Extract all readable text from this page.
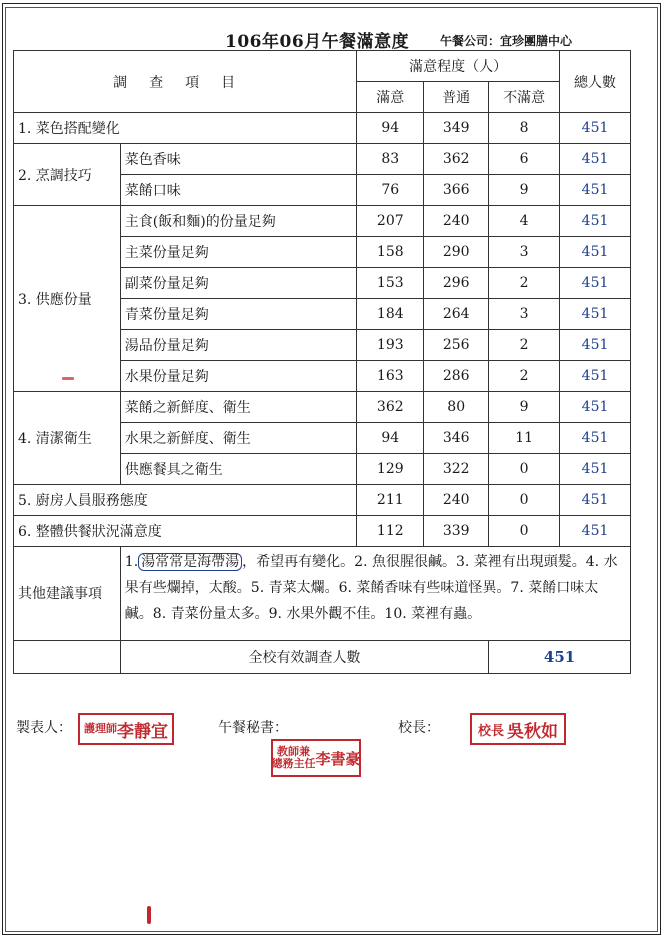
106年06月午餐滿意度	午餐公司：宜珍團膳中心
調查項目		滿意程度（人）			總人數
		滿意	普通	不滿意	
1. 菜色搭配變化		94	349	8	451
2. 烹調技巧	菜色香味	83	362	6	451
	菜餚口味	76	366	9	451
3. 供應份量	主食(飯和麵)的份量足夠	207	240	4	451
	主菜份量足夠	158	290	3	451
	副菜份量足夠	153	296	2	451
	青菜份量足夠	184	264	3	451
	湯品份量足夠	193	256	2	451
	水果份量足夠	163	286	2	451
4. 清潔衛生	菜餚之新鮮度、衛生	362	80	9	451
	水果之新鮮度、衛生	94	346	11	451
	供應餐具之衛生	129	322	0	451
5. 廚房人員服務態度		211	240	0	451
6. 整體供餐狀況滿意度		112	339	0	451
其他建議事項	1. 湯常常是海帶湯 ，希望再有變化。2. 魚很腥很鹹。3. 菜裡有出現頭髮。4. 水果有些爛掉，太酸。5. 青菜太爛。6. 菜餚香味有些味道怪異。7. 菜餚口味太鹹。8. 青菜份量太多。9. 水果外觀不佳。10. 菜裡有蟲。				
	全校有效調查人數			451	
製表人：	午餐秘書：	校長：
護理師 李靜宜
教師兼
總務主任 李書豪
校長 吳秋如
